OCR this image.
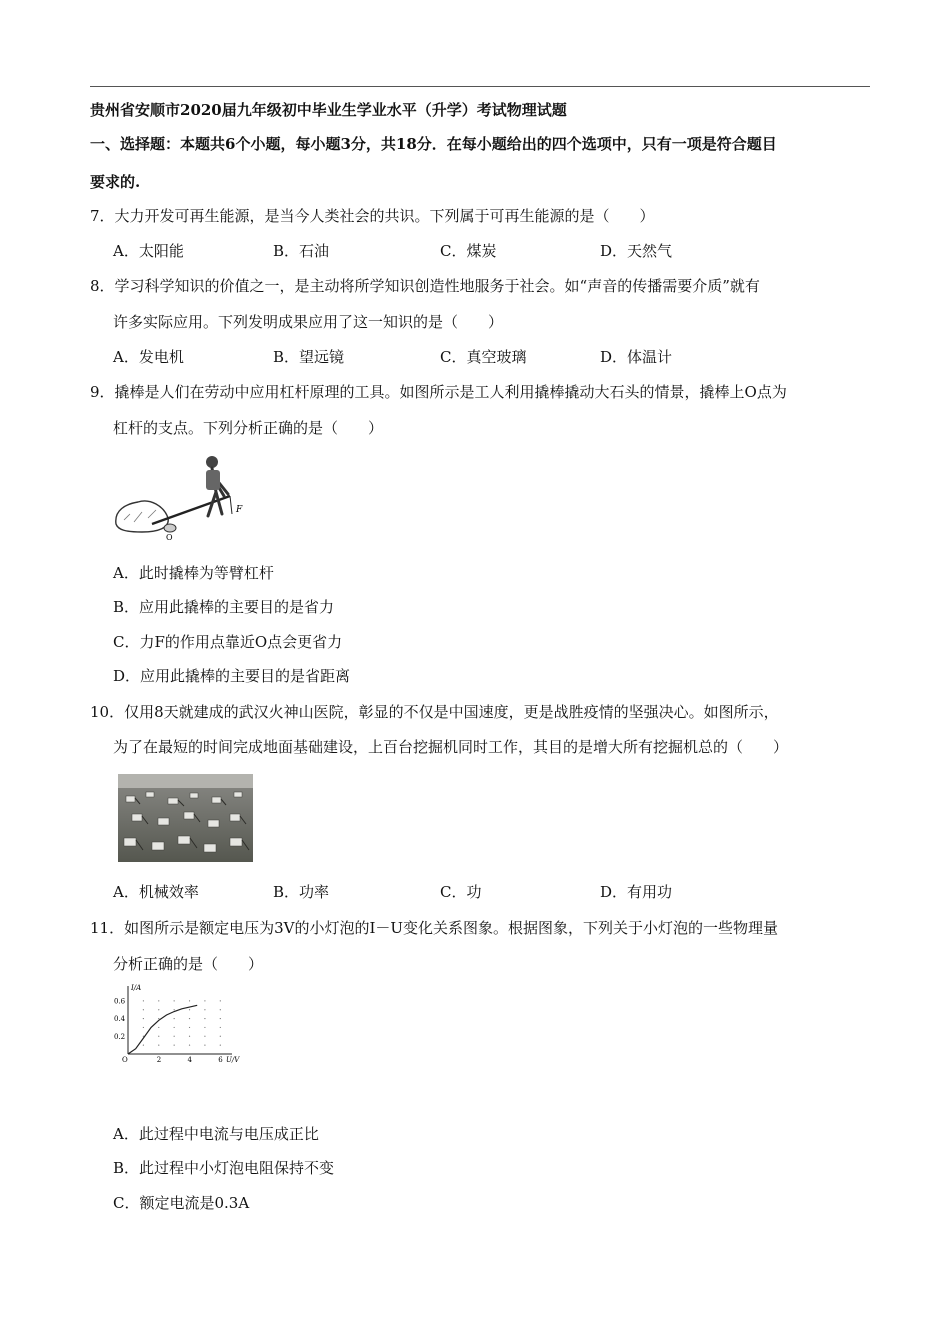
贵州省安顺市2020届九年级初中毕业生学业水平（升学）考试物理试题
一、选择题：本题共6个小题，每小题3分，共18分．在每小题给出的四个选项中，只有一项是符合题目
要求的.
7．大力开发可再生能源，是当今人类社会的共识。下列属于可再生能源的是（　　）
A．太阳能	B．石油	C．煤炭	D．天然气
8．学习科学知识的价值之一，是主动将所学知识创造性地服务于社会。如“声音的传播需要介质”就有
许多实际应用。下列发明成果应用了这一知识的是（　　）
A．发电机	B．望远镜	C．真空玻璃	D．体温计
9．撬棒是人们在劳动中应用杠杆原理的工具。如图所示是工人利用撬棒撬动大石头的情景，撬棒上O点为
杠杆的支点。下列分析正确的是（　　）
F
O
A．此时撬棒为等臂杠杆
B．应用此撬棒的主要目的是省力
C．力F的作用点靠近O点会更省力
D．应用此撬棒的主要目的是省距离
10．仅用8天就建成的武汉火神山医院，彰显的不仅是中国速度，更是战胜疫情的坚强决心。如图所示，
为了在最短的时间完成地面基础建设，上百台挖掘机同时工作，其目的是增大所有挖掘机总的（　　）
A．机械效率	B．功率	C．功	D．有用功
11．如图所示是额定电压为3V的小灯泡的I－U变化关系图象。根据图象，下列关于小灯泡的一些物理量
分析正确的是（　　）
2	4	6
0.2
0.4
0.6
U/V
I/A
O
A．此过程中电流与电压成正比
B．此过程中小灯泡电阻保持不变
C．额定电流是0.3A
